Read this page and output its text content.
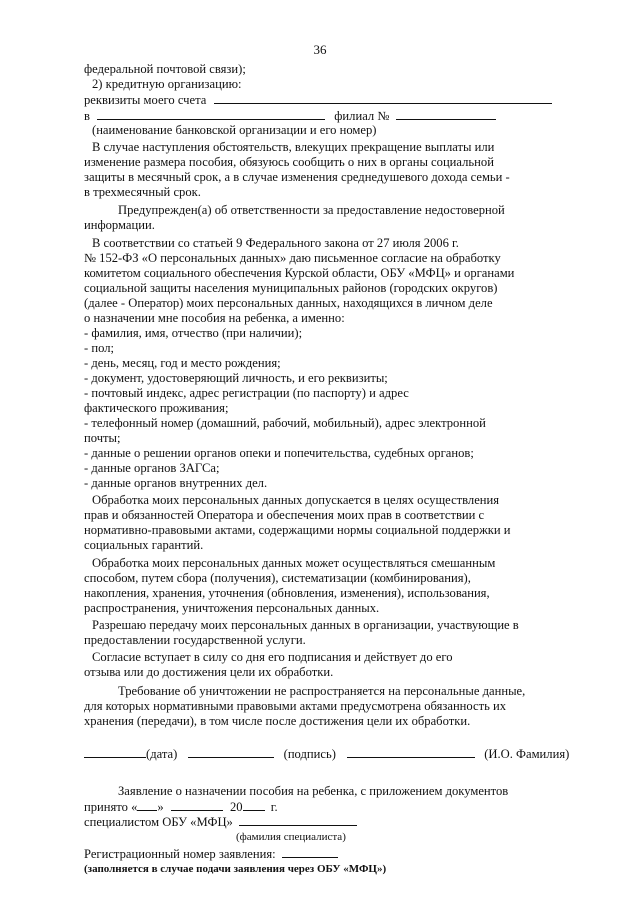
36
федеральной почтовой связи);
2) кредитную организацию:
реквизиты моего счета
в	филиал №
(наименование банковской организации и его номер)
В случае наступления обстоятельств, влекущих прекращение выплаты или
изменение размера пособия, обязуюсь сообщить о них в органы социальной
защиты в месячный срок, а в случае изменения среднедушевого дохода семьи -
в трехмесячный срок.
Предупрежден(а) об ответственности за предоставление недостоверной
информации.
В соответствии со статьей 9 Федерального закона от 27 июля 2006 г.
№ 152-ФЗ «О персональных данных» даю письменное согласие на обработку
комитетом социального обеспечения Курской области, ОБУ «МФЦ» и органами
социальной защиты населения муниципальных районов (городских округов)
(далее - Оператор) моих персональных данных, находящихся в личном деле
о назначении мне пособия на ребенка, а именно:
- фамилия, имя, отчество (при наличии);
- пол;
- день, месяц, год и место рождения;
- документ, удостоверяющий личность, и его реквизиты;
- почтовый индекс, адрес регистрации (по паспорту) и адрес
фактического проживания;
- телефонный номер (домашний, рабочий, мобильный), адрес электронной
почты;
- данные о решении органов опеки и попечительства, судебных органов;
- данные органов ЗАГСа;
- данные органов внутренних дел.
Обработка моих персональных данных допускается в целях осуществления
прав и обязанностей Оператора и обеспечения моих прав в соответствии с
нормативно-правовыми актами, содержащими нормы социальной поддержки и
социальных гарантий.
Обработка моих персональных данных может осуществляться смешанным
способом, путем сбора (получения), систематизации (комбинирования),
накопления, хранения, уточнения (обновления, изменения), использования,
распространения, уничтожения персональных данных.
Разрешаю передачу моих персональных данных в организации, участвующие в
предоставлении государственной услуги.
Согласие вступает в силу со дня его подписания и действует до его
отзыва или до достижения цели их обработки.
Требование об уничтожении не распространяется на персональные данные,
для которых нормативными правовыми актами предусмотрена обязанность их
хранения (передачи), в том числе после достижения цели их обработки.
(дата)	(подпись)	(И.О. Фамилия)
Заявление о назначении пособия на ребенка, с приложением документов
принято « »	20 г.
специалистом ОБУ «МФЦ»
(фамилия специалиста)
Регистрационный номер заявления:
(заполняется в случае подачи заявления через ОБУ «МФЦ»)
